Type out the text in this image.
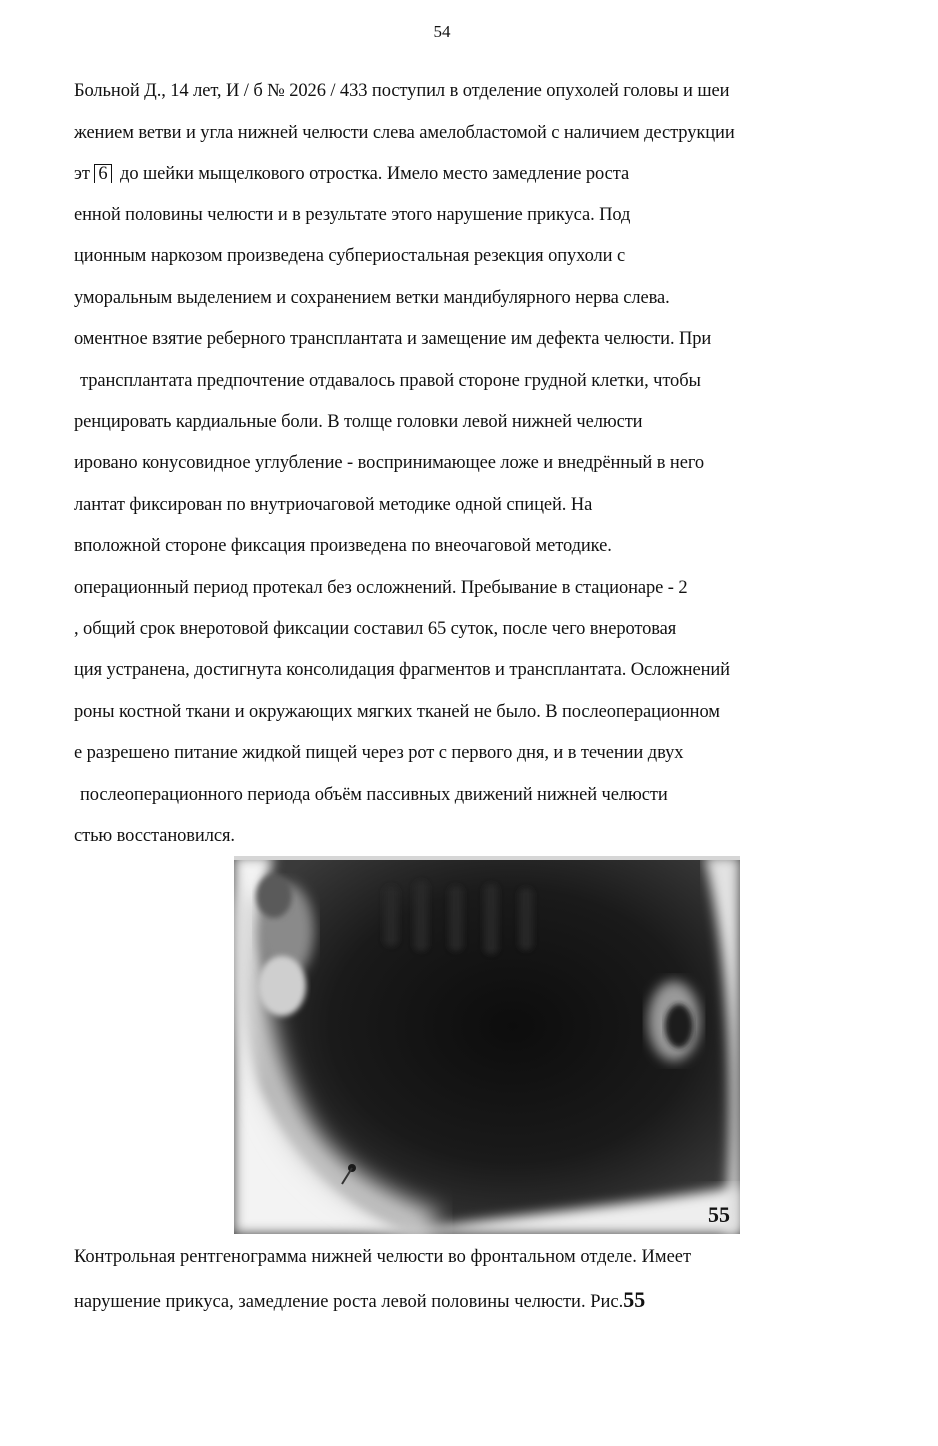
54
Больной Д., 14 лет, И / б № 2026 / 433 поступил в отделение опухолей головы и шеи
жением ветви и угла нижней челюсти слева амелобластомой с наличием деструкции
эт 6 до шейки мыщелкового отростка. Имело место замедление роста
енной половины челюсти и в результате этого нарушение прикуса. Под
ционным наркозом произведена субпериостальная резекция опухоли с
уморальным выделением и сохранением ветки мандибулярного нерва слева.
оментное взятие реберного трансплантата и замещение им дефекта челюсти. При
трансплантата предпочтение отдавалось правой стороне грудной клетки, чтобы
ренцировать кардиальные боли. В толще головки левой нижней челюсти
ировано конусовидное углубление - воспринимающее ложе и внедрённый в него
лантат фиксирован по внутриочаговой методике одной спицей. На
вположной стороне фиксация произведена по внеочаговой методике.
операционный период протекал без осложнений. Пребывание в стационаре - 2
, общий срок внеротовой фиксации составил 65 суток, после чего внеротовая
ция устранена, достигнута консолидация фрагментов и трансплантата. Осложнений
роны костной ткани и окружающих мягких тканей не было. В послеоперационном
е разрешено питание жидкой пищей через рот с первого дня, и в течении двух
послеоперационного периода объём пассивных движений нижней челюсти
стью восстановился.
55
Контрольная рентгенограмма нижней челюсти во фронтальном отделе. Имеет
нарушение прикуса, замедление роста левой половины челюсти. Рис.55
